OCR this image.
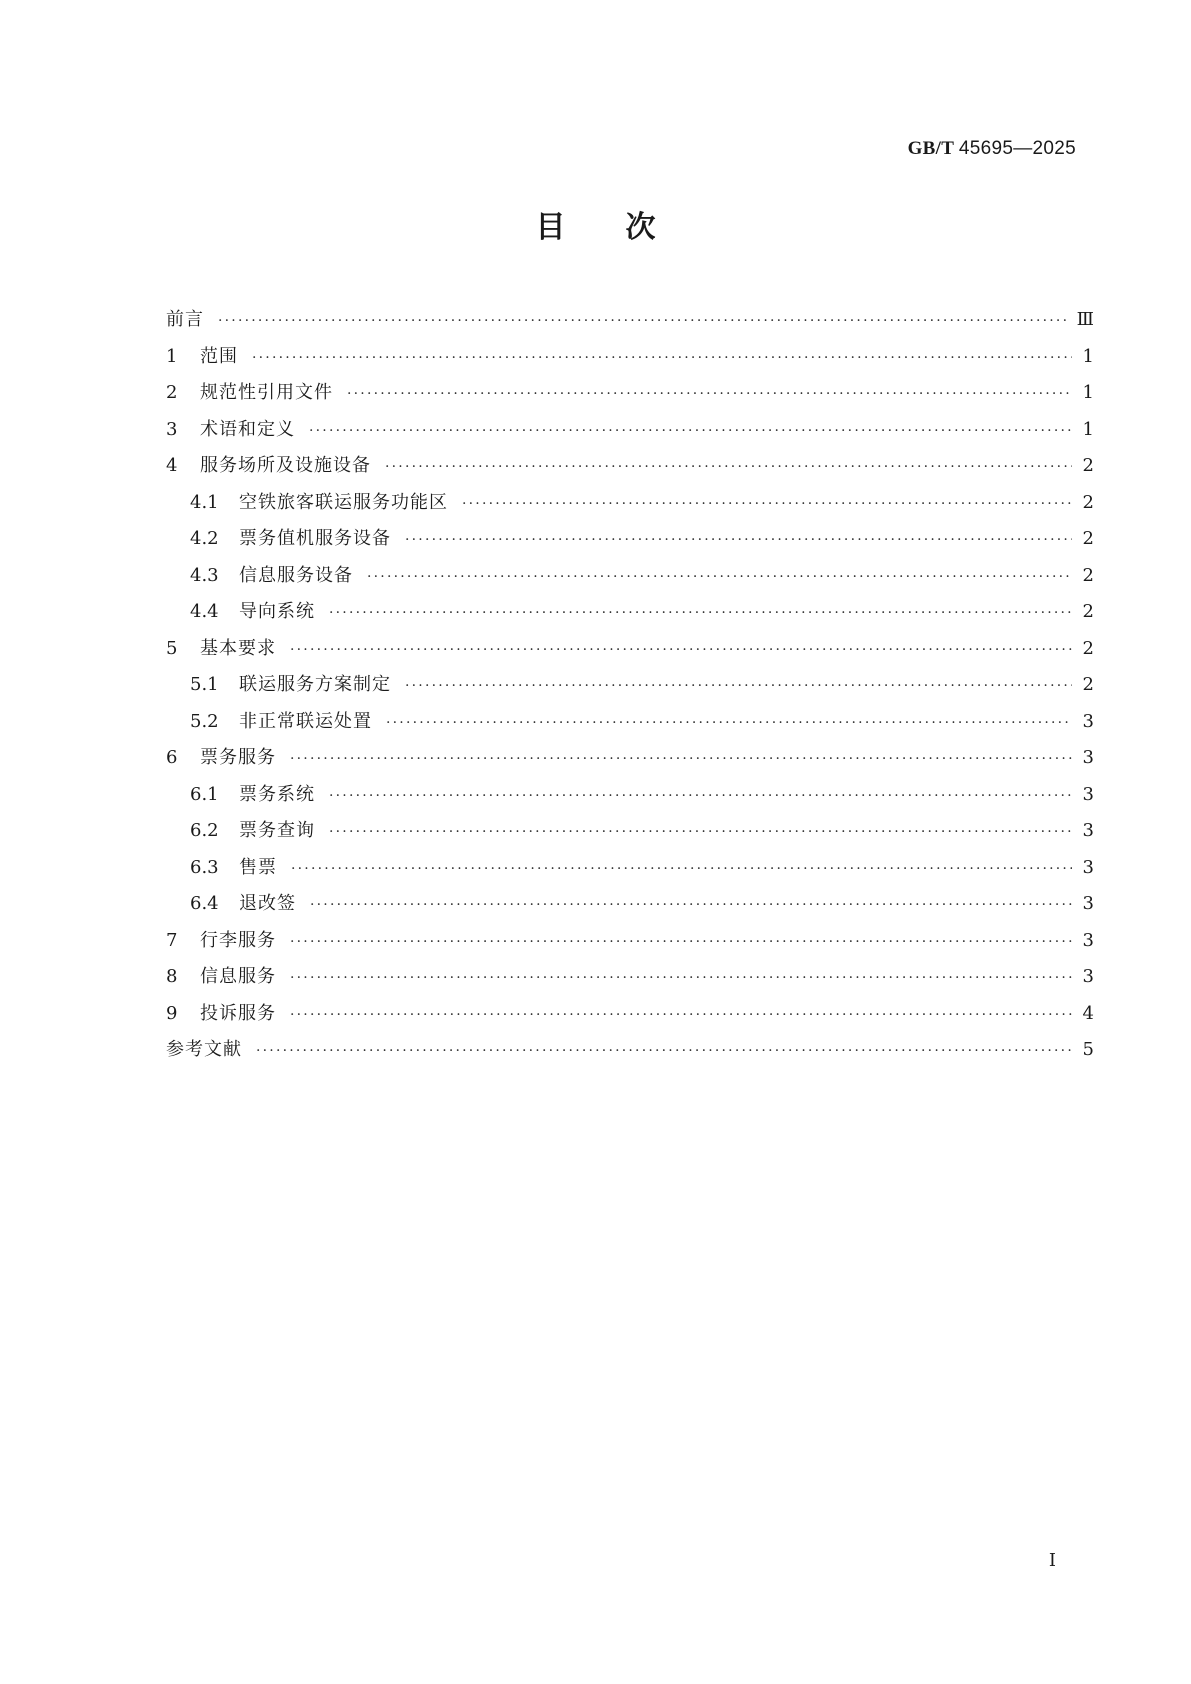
GB/T 45695—2025
目 次
前言 ·····	Ⅲ
1	范围 ·····	1
2	规范性引用文件 ·····	1
3	术语和定义 ·····	1
4	服务场所及设施设备 ·····	2
4.1	空铁旅客联运服务功能区 ·····	2
4.2	票务值机服务设备 ·····	2
4.3	信息服务设备 ·····	2
4.4	导向系统 ·····	2
5	基本要求 ·····	2
5.1	联运服务方案制定 ·····	2
5.2	非正常联运处置 ·····	3
6	票务服务 ·····	3
6.1	票务系统 ·····	3
6.2	票务查询 ·····	3
6.3	售票 ·····	3
6.4	退改签 ·····	3
7	行李服务 ·····	3
8	信息服务 ·····	3
9	投诉服务 ·····	4
参考文献 ·····	5
Ⅰ
